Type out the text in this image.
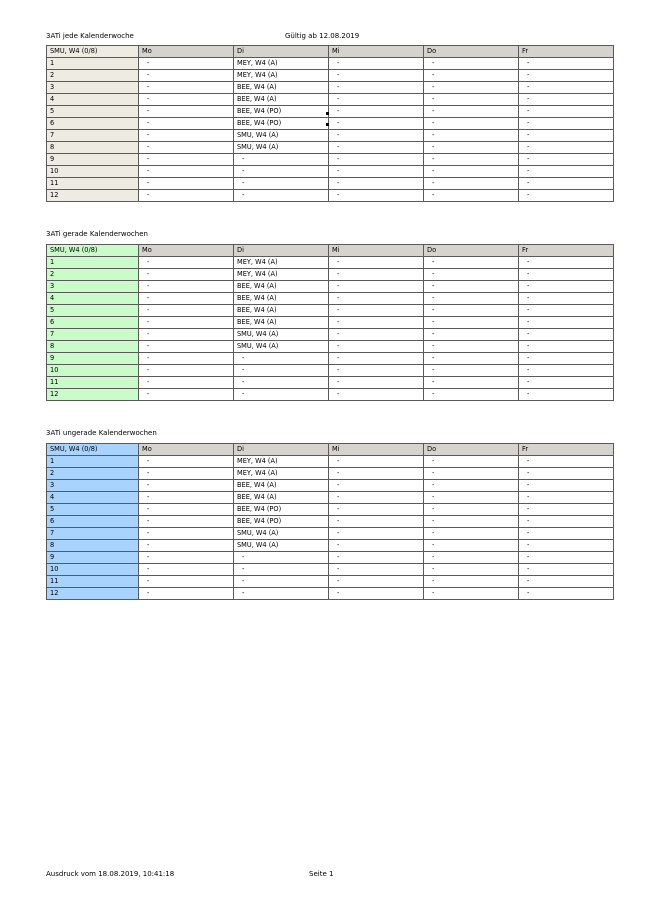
3ATi jede Kalenderwoche	Gültig ab 12.08.2019
SMU, W4 (0/8)	Mo	Di	Mi	Do	Fr
1	-	MEY, W4 (A)	-	-	-
2	-	MEY, W4 (A)	-	-	-
3	-	BEE, W4 (A)	-	-	-
4	-	BEE, W4 (A)	-	-	-
5	-	BEE, W4 (PO)	-	-	-
6	-	BEE, W4 (PO)	-	-	-
7	-	SMU, W4 (A)	-	-	-
8	-	SMU, W4 (A)	-	-	-
9	-	-	-	-	-
10	-	-	-	-	-
11	-	-	-	-	-
12	-	-	-	-	-
3ATi gerade Kalenderwochen
SMU, W4 (0/8)	Mo	Di	Mi	Do	Fr
1	-	MEY, W4 (A)	-	-	-
2	-	MEY, W4 (A)	-	-	-
3	-	BEE, W4 (A)	-	-	-
4	-	BEE, W4 (A)	-	-	-
5	-	BEE, W4 (A)	-	-	-
6	-	BEE, W4 (A)	-	-	-
7	-	SMU, W4 (A)	-	-	-
8	-	SMU, W4 (A)	-	-	-
9	-	-	-	-	-
10	-	-	-	-	-
11	-	-	-	-	-
12	-	-	-	-	-
3ATi ungerade Kalenderwochen
SMU, W4 (0/8)	Mo	Di	Mi	Do	Fr
1	-	MEY, W4 (A)	-	-	-
2	-	MEY, W4 (A)	-	-	-
3	-	BEE, W4 (A)	-	-	-
4	-	BEE, W4 (A)	-	-	-
5	-	BEE, W4 (PO)	-	-	-
6	-	BEE, W4 (PO)	-	-	-
7	-	SMU, W4 (A)	-	-	-
8	-	SMU, W4 (A)	-	-	-
9	-	-	-	-	-
10	-	-	-	-	-
11	-	-	-	-	-
12	-	-	-	-	-
Ausdruck vom 18.08.2019, 10:41:18	Seite 1
